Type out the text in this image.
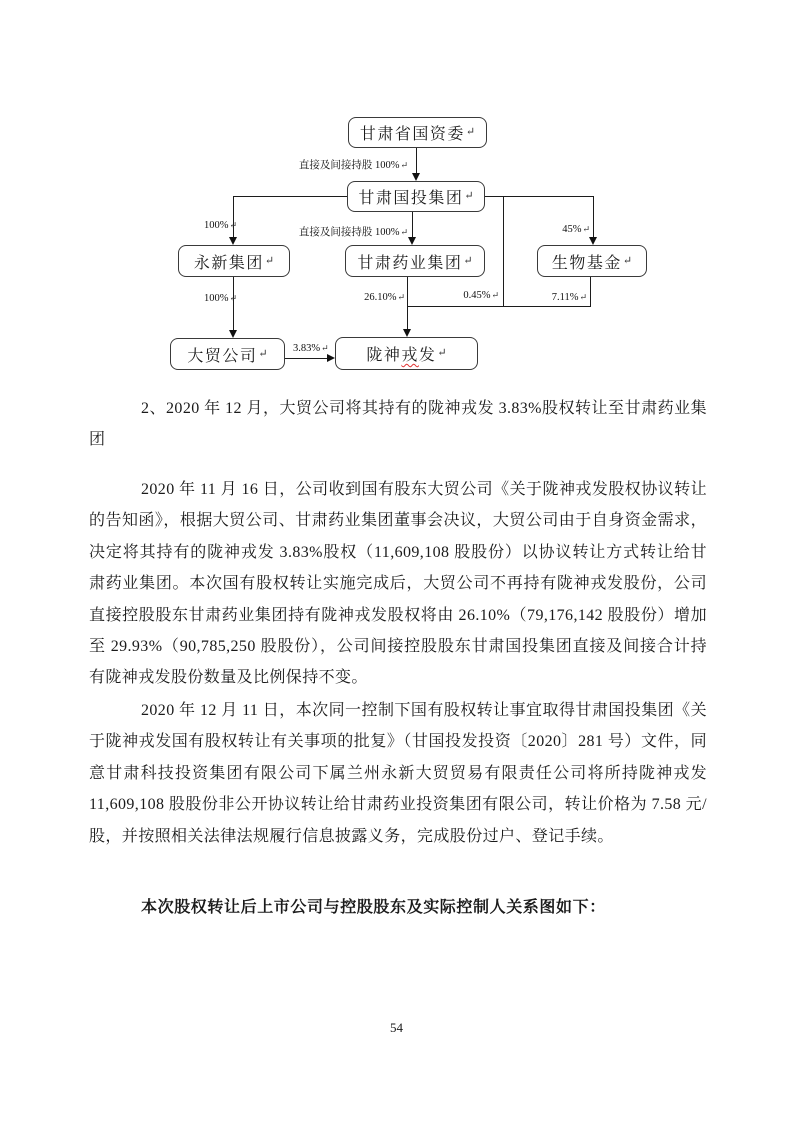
甘肃省国资委 ↵
甘肃国投集团 ↵
永新集团 ↵	甘肃药业集团 ↵	生物基金 ↵
大贸公司 ↵	陇神 戎 发 ↵
直接及间接持股 100%↵
100%↵
直接及间接持股 100%↵	45%↵
0.45%↵
100%↵	26.10%↵	7.11%↵
3.83%↵

2、2020 年 12 月，大贸公司将其持有的陇神戎发 3.83%股权转让至甘肃药业集团

2020 年 11 月 16 日，公司收到国有股东大贸公司《关于陇神戎发股权协议转让的告知函》，根据大贸公司、甘肃药业集团董事会决议，大贸公司由于自身资金需求，决定将其持有的陇神戎发 3.83%股权（11,609,108 股股份）以协议转让方式转让给甘肃药业集团。本次国有股权转让实施完成后，大贸公司不再持有陇神戎发股份，公司直接控股股东甘肃药业集团持有陇神戎发股权将由 26.10%（79,176,142 股股份）增加至 29.93%（90,785,250 股股份），公司间接控股股东甘肃国投集团直接及间接合计持有陇神戎发股份数量及比例保持不变。

2020 年 12 月 11 日，本次同一控制下国有股权转让事宜取得甘肃国投集团《关于陇神戎发国有股权转让有关事项的批复》（甘国投发投资〔2020〕281 号）文件，同意甘肃科技投资集团有限公司下属兰州永新大贸贸易有限责任公司将所持陇神戎发 11,609,108 股股份非公开协议转让给甘肃药业投资集团有限公司，转让价格为 7.58 元/股，并按照相关法律法规履行信息披露义务，完成股份过户、登记手续。

本次股权转让后上市公司与控股股东及实际控制人关系图如下：

54
